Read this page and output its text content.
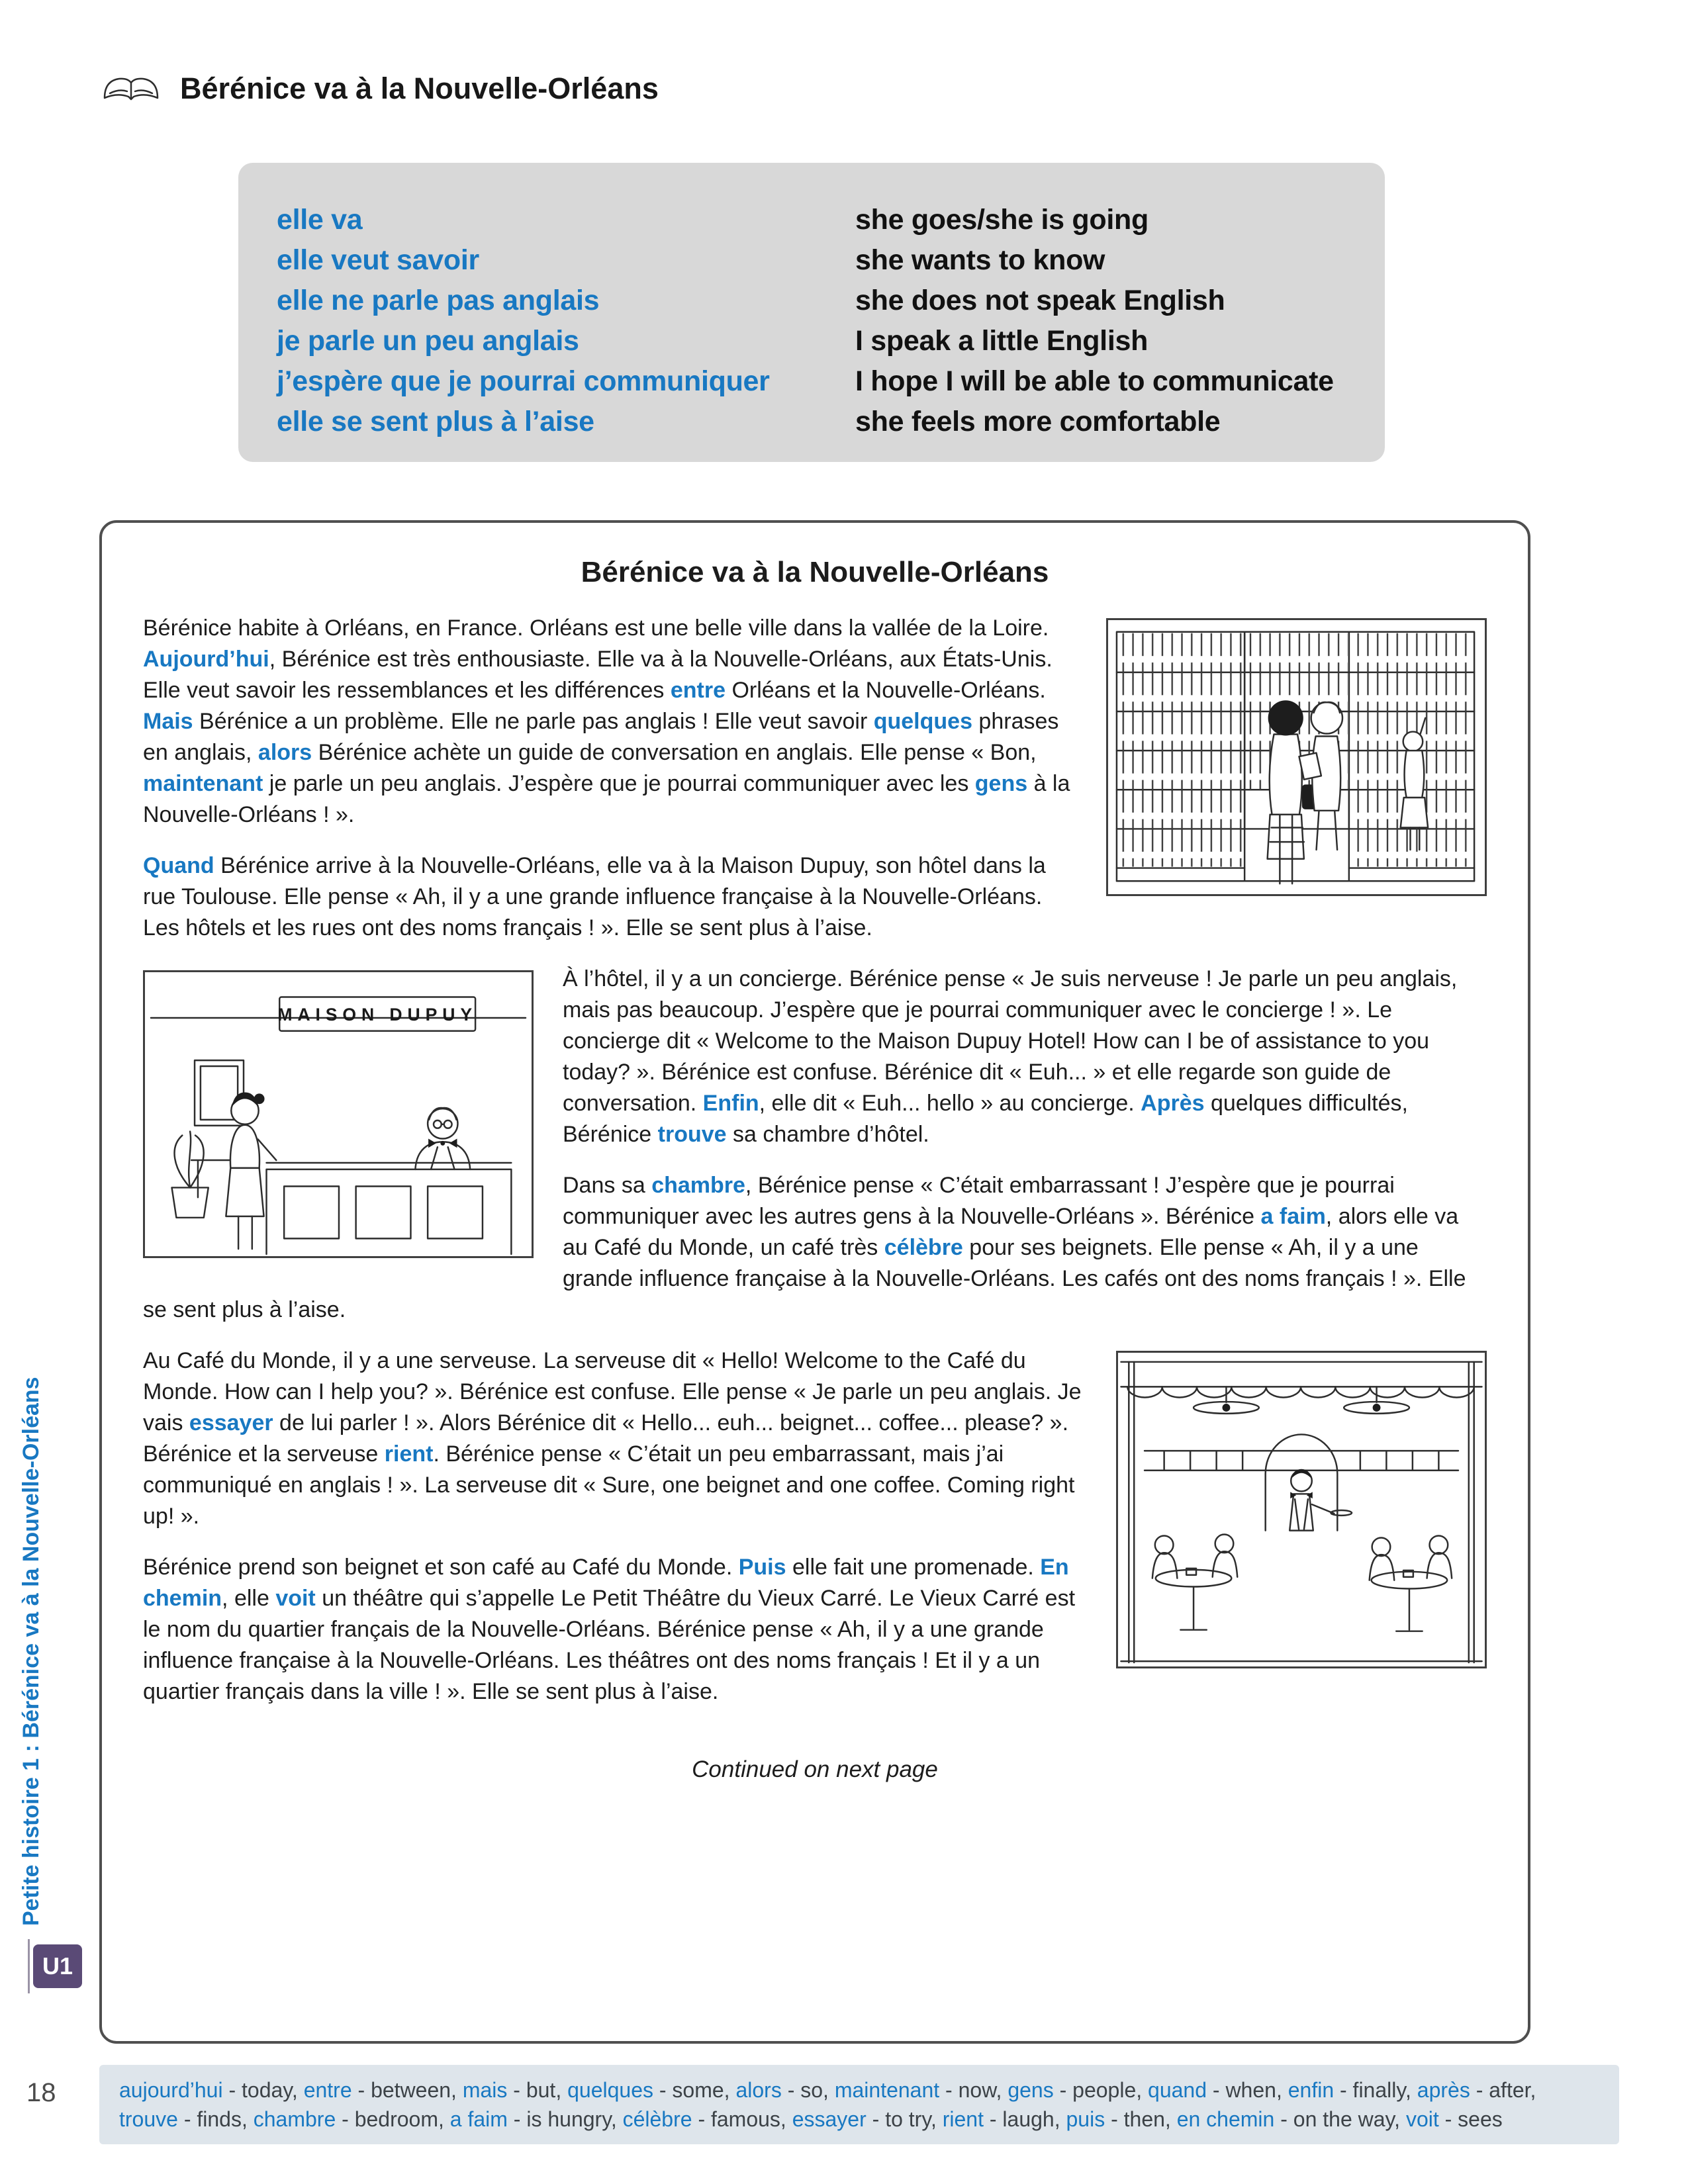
Bérénice va à la Nouvelle-Orléans
elle va	she goes/she is going
elle veut savoir	she wants to know
elle ne parle pas anglais	she does not speak English
je parle un peu anglais	I speak a little English
j’espère que je pourrai communiquer	I hope I will be able to communicate
elle se sent plus à l’aise	she feels more comfortable
Bérénice va à la Nouvelle-Orléans

Bérénice habite à Orléans, en France. Orléans est une belle ville dans la vallée de la Loire. Aujourd’hui, Bérénice est très enthousiaste. Elle va à la Nouvelle-Orléans, aux États-Unis. Elle veut savoir les ressemblances et les différences entre Orléans et la Nouvelle-Orléans. Mais Bérénice a un problème. Elle ne parle pas anglais ! Elle veut savoir quelques phrases en anglais, alors Bérénice achète un guide de conversation en anglais. Elle pense « Bon, maintenant je parle un peu anglais. J’espère que je pourrai communiquer avec les gens à la Nouvelle-Orléans ! ».

Quand Bérénice arrive à la Nouvelle-Orléans, elle va à la Maison Dupuy, son hôtel dans la rue Toulouse. Elle pense « Ah, il y a une grande influence française à la Nouvelle-Orléans. Les hôtels et les rues ont des noms français ! ». Elle se sent plus à l’aise.

MAISON DUPUY

À l’hôtel, il y a un concierge. Bérénice pense « Je suis nerveuse ! Je parle un peu anglais, mais pas beaucoup. J’espère que je pourrai communiquer avec le concierge ! ». Le concierge dit « Welcome to the Maison Dupuy Hotel! How can I be of assistance to you today? ». Bérénice est confuse. Bérénice dit « Euh... » et elle regarde son guide de conversation. Enfin, elle dit « Euh... hello » au concierge. Après quelques difficultés, Bérénice trouve sa chambre d’hôtel.

Dans sa chambre, Bérénice pense « C’était embarrassant ! J’espère que je pourrai communiquer avec les autres gens à la Nouvelle-Orléans ». Bérénice a faim, alors elle va au Café du Monde, un café très célèbre pour ses beignets. Elle pense « Ah, il y a une grande influence française à la Nouvelle-Orléans. Les cafés ont des noms français ! ». Elle se sent plus à l’aise.

Au Café du Monde, il y a une serveuse. La serveuse dit « Hello! Welcome to the Café du Monde. How can I help you? ». Bérénice est confuse. Elle pense « Je parle un peu anglais. Je vais essayer de lui parler ! ». Alors Bérénice dit « Hello... euh... beignet... coffee... please? ». Bérénice et la serveuse rient. Bérénice pense « C’était un peu embarrassant, mais j’ai communiqué en anglais ! ». La serveuse dit « Sure, one beignet and one coffee. Coming right up! ».

Bérénice prend son beignet et son café au Café du Monde. Puis elle fait une promenade. En chemin, elle voit un théâtre qui s’appelle Le Petit Théâtre du Vieux Carré. Le Vieux Carré est le nom du quartier français de la Nouvelle-Orléans. Bérénice pense « Ah, il y a une grande influence française à la Nouvelle-Orléans. Les théâtres ont des noms français ! Et il y a un quartier français dans la ville ! ». Elle se sent plus à l’aise.

Continued on next page
Petite histoire 1 : Bérénice va à la Nouvelle-Orléans
U1
18	aujourd’hui - today, entre - between, mais - but, quelques - some, alors - so, maintenant - now, gens - people, quand - when, enfin - finally, après - after, trouve - finds, chambre - bedroom, a faim - is hungry, célèbre - famous, essayer - to try, rient - laugh, puis - then, en chemin - on the way, voit - sees
